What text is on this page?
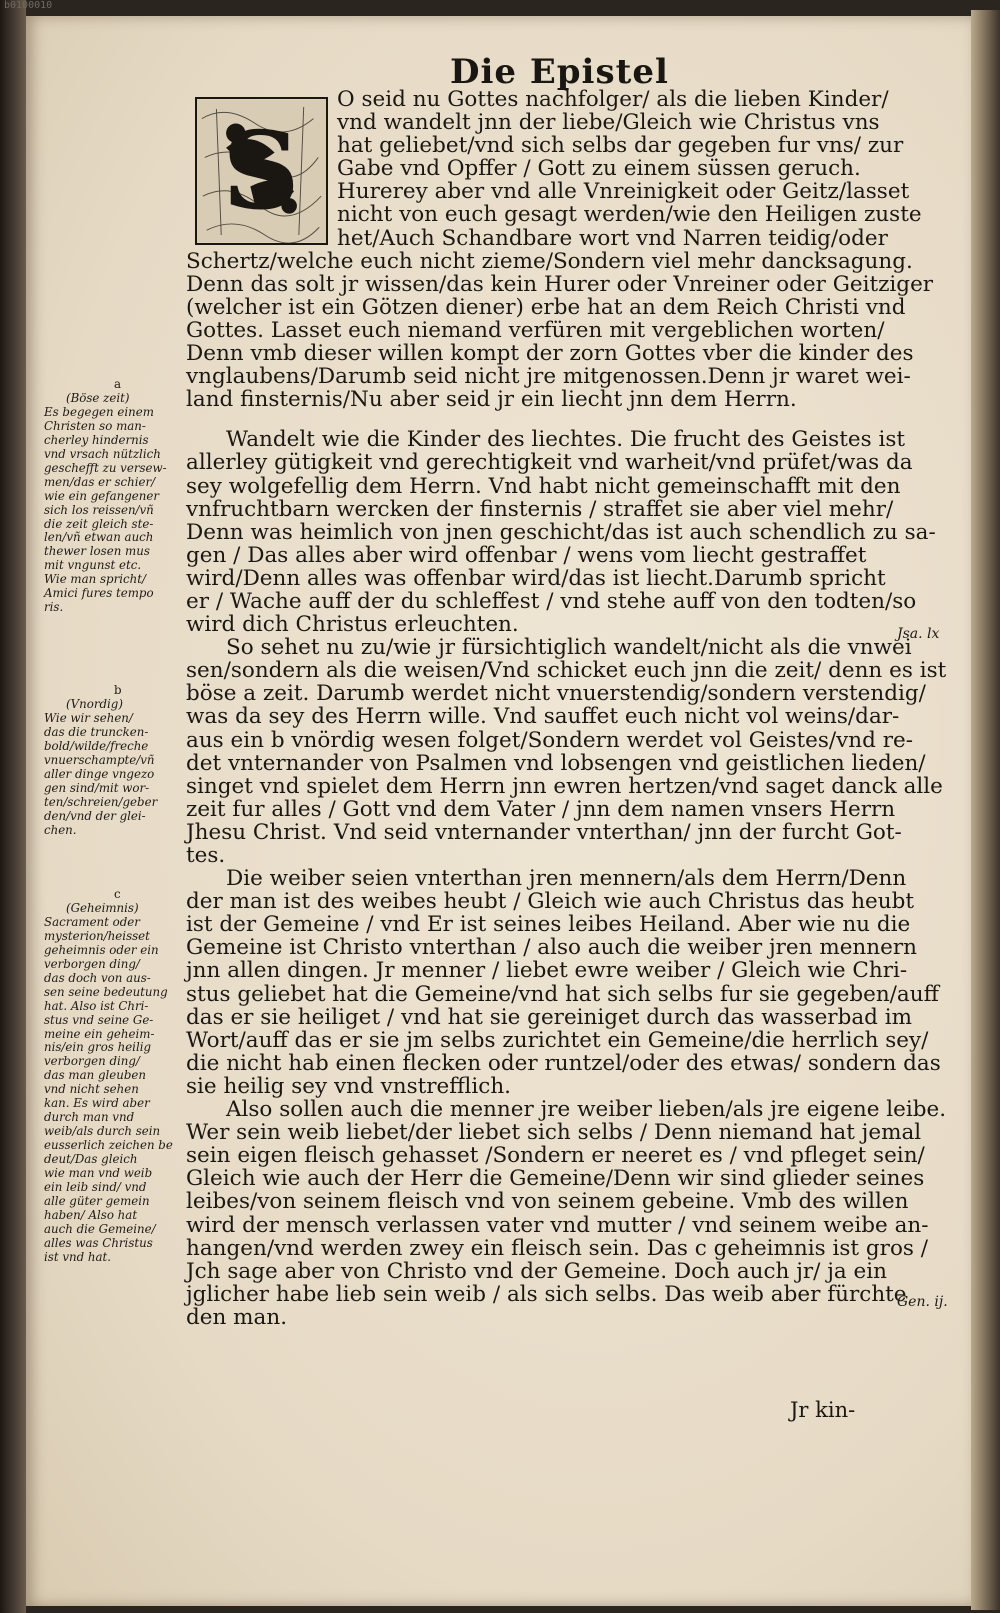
b0100010
Die Epistel
S
O seid nu Gottes nachfolger/ als die lieben Kinder/
vnd wandelt jnn der liebe/Gleich wie Christus vns
hat geliebet/vnd sich selbs dar gegeben fur vns/ zur
Gabe vnd Opffer / Gott zu einem süssen geruch.
Hurerey aber vnd alle Vnreinigkeit oder Geitz/lasset
nicht von euch gesagt werden/wie den Heiligen zuste
het/Auch Schandbare wort vnd Narren teidig/oder
Schertz/welche euch nicht zieme/Sondern viel mehr dancksagung.
Denn das solt jr wissen/das kein Hurer oder Vnreiner oder Geitziger
(welcher ist ein Götzen diener) erbe hat an dem Reich Christi vnd
Gottes. Lasset euch niemand verfüren mit vergeblichen worten/
Denn vmb dieser willen kompt der zorn Gottes vber die kinder des
vnglaubens/Darumb seid nicht jre mitgenossen.Denn jr waret wei-
land finsternis/Nu aber seid jr ein liecht jnn dem Herrn.
Wandelt wie die Kinder des liechtes. Die frucht des Geistes ist
allerley gütigkeit vnd gerechtigkeit vnd warheit/vnd prüfet/was da
sey wolgefellig dem Herrn. Vnd habt nicht gemeinschafft mit den
vnfruchtbarn wercken der finsternis / straffet sie aber viel mehr/
Denn was heimlich von jnen geschicht/das ist auch schendlich zu sa-
gen / Das alles aber wird offenbar / wens vom liecht gestraffet
wird/Denn alles was offenbar wird/das ist liecht.Darumb spricht
er / Wache auff der du schleffest / vnd stehe auff von den todten/so
wird dich Christus erleuchten.
So sehet nu zu/wie jr fürsichtiglich wandelt/nicht als die vnwei
sen/sondern als die weisen/Vnd schicket euch jnn die zeit/ denn es ist
böse a zeit. Darumb werdet nicht vnuerstendig/sondern verstendig/
was da sey des Herrn wille. Vnd sauffet euch nicht vol weins/dar-
aus ein b vnördig wesen folget/Sondern werdet vol Geistes/vnd re-
det vnternander von Psalmen vnd lobsengen vnd geistlichen lieden/
singet vnd spielet dem Herrn jnn ewren hertzen/vnd saget danck alle
zeit fur alles / Gott vnd dem Vater / jnn dem namen vnsers Herrn
Jhesu Christ. Vnd seid vnternander vnterthan/ jnn der furcht Got-
tes.
Die weiber seien vnterthan jren mennern/als dem Herrn/Denn
der man ist des weibes heubt / Gleich wie auch Christus das heubt
ist der Gemeine / vnd Er ist seines leibes Heiland. Aber wie nu die
Gemeine ist Christo vnterthan / also auch die weiber jren mennern
jnn allen dingen. Jr menner / liebet ewre weiber / Gleich wie Chri-
stus geliebet hat die Gemeine/vnd hat sich selbs fur sie gegeben/auff
das er sie heiliget / vnd hat sie gereiniget durch das wasserbad im
Wort/auff das er sie jm selbs zurichtet ein Gemeine/die herrlich sey/
die nicht hab einen flecken oder runtzel/oder des etwas/ sondern das
sie heilig sey vnd vnstrefflich.
Also sollen auch die menner jre weiber lieben/als jre eigene leibe.
Wer sein weib liebet/der liebet sich selbs / Denn niemand hat jemal
sein eigen fleisch gehasset /Sondern er neeret es / vnd pfleget sein/
Gleich wie auch der Herr die Gemeine/Denn wir sind glieder seines
leibes/von seinem fleisch vnd von seinem gebeine. Vmb des willen
wird der mensch verlassen vater vnd mutter / vnd seinem weibe an-
hangen/vnd werden zwey ein fleisch sein. Das c geheimnis ist gros /
Jch sage aber von Christo vnd der Gemeine. Doch auch jr/ ja ein
jglicher habe lieb sein weib / als sich selbs. Das weib aber fürchte
den man.
Jr kin-
a
(Böse zeit)
Es begegen einem
Christen so man-
cherley hindernis
vnd vrsach nützlich
geschefft zu versew-
men/das er schier/
wie ein gefangener
sich los reissen/vñ
die zeit gleich ste-
len/vñ etwan auch
thewer losen mus
mit vngunst etc.
Wie man spricht/
Amici fures tempo
ris.
b
(Vnordig)
Wie wir sehen/
das die truncken-
bold/wilde/freche
vnuerschampte/vñ
aller dinge vngezo
gen sind/mit wor-
ten/schreien/geber
den/vnd der glei-
chen.
c
(Geheimnis)
Sacrament oder
mysterion/heisset
geheimnis oder ein
verborgen ding/
das doch von aus-
sen seine bedeutung
hat. Also ist Chri-
stus vnd seine Ge-
meine ein geheim-
nis/ein gros heilig
verborgen ding/
das man gleuben
vnd nicht sehen
kan. Es wird aber
durch man vnd
weib/als durch sein
eusserlich zeichen be
deut/Das gleich
wie man vnd weib
ein leib sind/ vnd
alle güter gemein
haben/ Also hat
auch die Gemeine/
alles was Christus
ist vnd hat.
Jsa. lx
Gen. ij.
